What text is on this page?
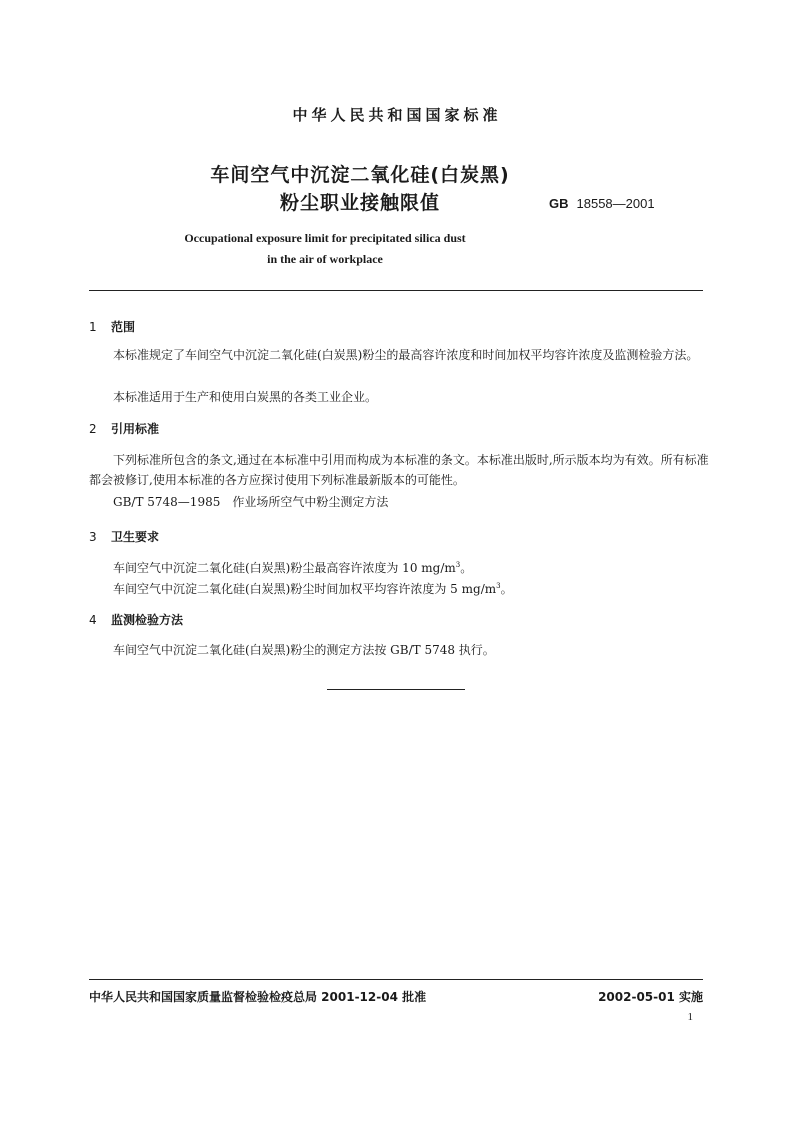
中华人民共和国国家标准
车间空气中沉淀二氧化硅(白炭黑)
粉尘职业接触限值	GB 18558—2001
Occupational exposure limit for precipitated silica dust
in the air of workplace
1 范围
本标准规定了车间空气中沉淀二氧化硅(白炭黑)粉尘的最高容许浓度和时间加权平均容许浓度及监测检验方法。
本标准适用于生产和使用白炭黑的各类工业企业。
2 引用标准
下列标准所包含的条文,通过在本标准中引用而构成为本标准的条文。本标准出版时,所示版本均为有效。所有标准都会被修订,使用本标准的各方应探讨使用下列标准最新版本的可能性。
GB/T 5748—1985　作业场所空气中粉尘测定方法
3 卫生要求
车间空气中沉淀二氧化硅(白炭黑)粉尘最高容许浓度为 10 $mg/m^3$。
车间空气中沉淀二氧化硅(白炭黑)粉尘时间加权平均容许浓度为 5 $mg/m^3$。
4 监测检验方法
车间空气中沉淀二氧化硅(白炭黑)粉尘的测定方法按 GB/T 5748 执行。
中华人民共和国国家质量监督检验检疫总局 2001-12-04 批准	2002-05-01 实施
1
